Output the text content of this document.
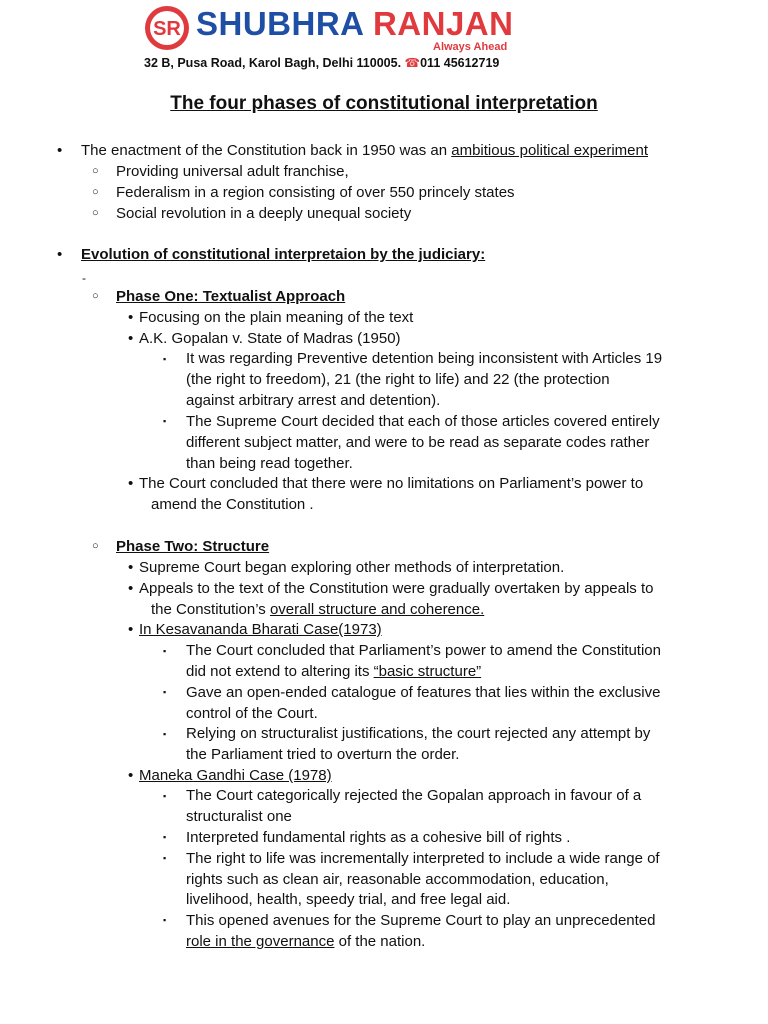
SR SHUBHRA RANJAN
Always Ahead
32 B, Pusa Road, Karol Bagh, Delhi 110005. ☎011 45612719
The four phases of constitutional interpretation
• The enactment of the Constitution back in 1950 was an ambitious political experiment
○ Providing universal adult franchise,
○ Federalism in a region consisting of over 550 princely states
○ Social revolution in a deeply unequal society
• Evolution of constitutional interpretaion by the judiciary:
-
○ Phase One: Textualist Approach
• Focusing on the plain meaning of the text
• A.K. Gopalan v. State of Madras (1950)
▪ It was regarding Preventive detention being inconsistent with Articles 19
(the right to freedom), 21 (the right to life) and 22 (the protection
against arbitrary arrest and detention).
▪ The Supreme Court decided that each of those articles covered entirely
different subject matter, and were to be read as separate codes rather
than being read together.
• The Court concluded that there were no limitations on Parliament’s power to
amend the Constitution .
○ Phase Two: Structure
• Supreme Court began exploring other methods of interpretation.
• Appeals to the text of the Constitution were gradually overtaken by appeals to
the Constitution’s overall structure and coherence.
• In Kesavananda Bharati Case(1973)
▪ The Court concluded that Parliament’s power to amend the Constitution
did not extend to altering its “basic structure”
▪ Gave an open-ended catalogue of features that lies within the exclusive
control of the Court.
▪ Relying on structuralist justifications, the court rejected any attempt by
the Parliament tried to overturn the order.
• Maneka Gandhi Case (1978)
▪ The Court categorically rejected the Gopalan approach in favour of a
structuralist one
▪ Interpreted fundamental rights as a cohesive bill of rights .
▪ The right to life was incrementally interpreted to include a wide range of
rights such as clean air, reasonable accommodation, education,
livelihood, health, speedy trial, and free legal aid.
▪ This opened avenues for the Supreme Court to play an unprecedented
role in the governance of the nation.
